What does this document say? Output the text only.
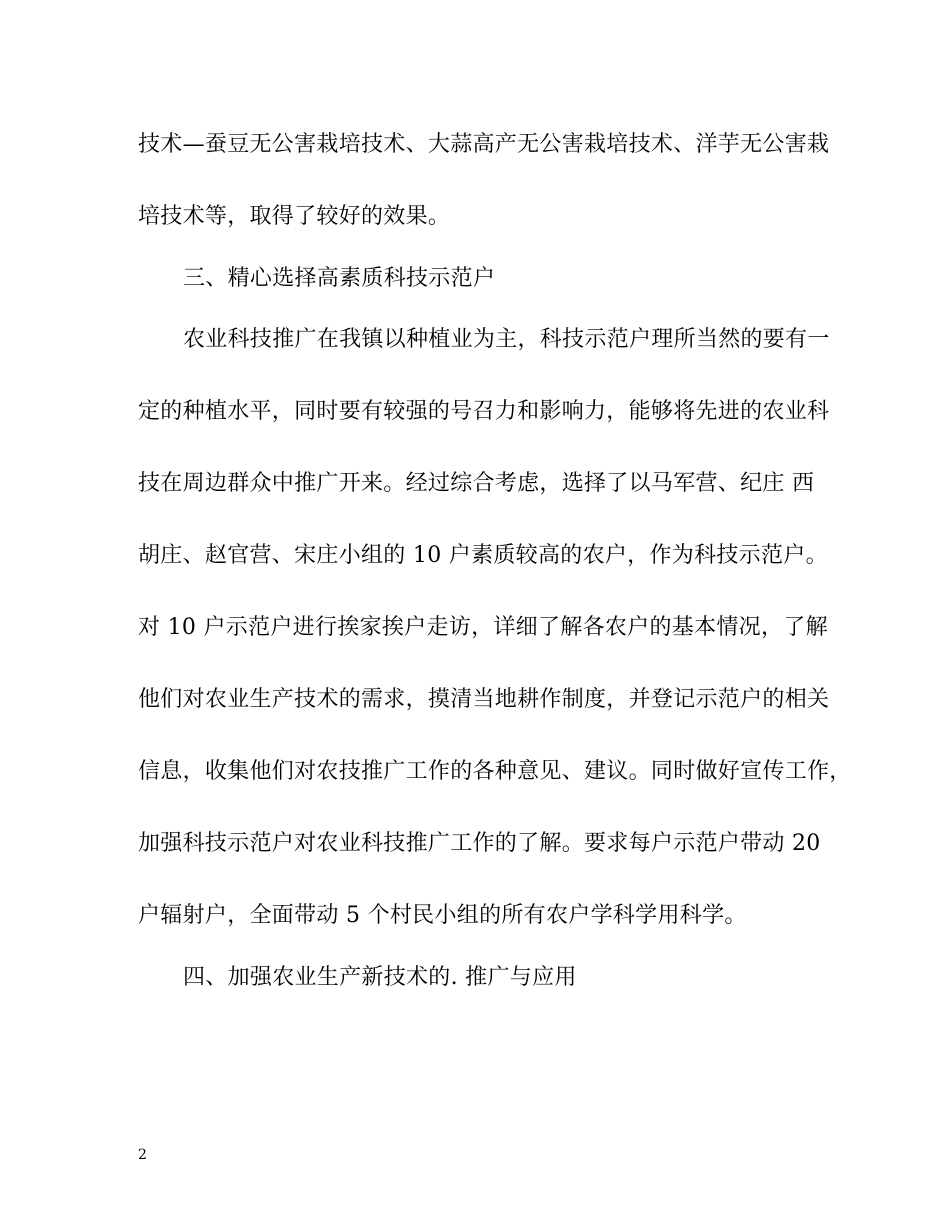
技术—蚕豆无公害栽培技术、大蒜高产无公害栽培技术、洋芋无公害栽
培技术等，取得了较好的效果。
三、精心选择高素质科技示范户
农业科技推广在我镇以种植业为主，科技示范户理所当然的要有一
定的种植水平，同时要有较强的号召力和影响力，能够将先进的农业科
技在周边群众中推广开来。经过综合考虑，选择了以马军营、纪庄 西
胡庄、赵官营、宋庄小组的 10 户素质较高的农户，作为科技示范户。
对 10 户示范户进行挨家挨户走访，详细了解各农户的基本情况，了解
他们对农业生产技术的需求，摸清当地耕作制度，并登记示范户的相关
信息，收集他们对农技推广工作的各种意见、建议。同时做好宣传工作，
加强科技示范户对农业科技推广工作的了解。要求每户示范户带动 20
户辐射户，全面带动 5 个村民小组的所有农户学科学用科学。
四、加强农业生产新技术的. 推广与应用
2
